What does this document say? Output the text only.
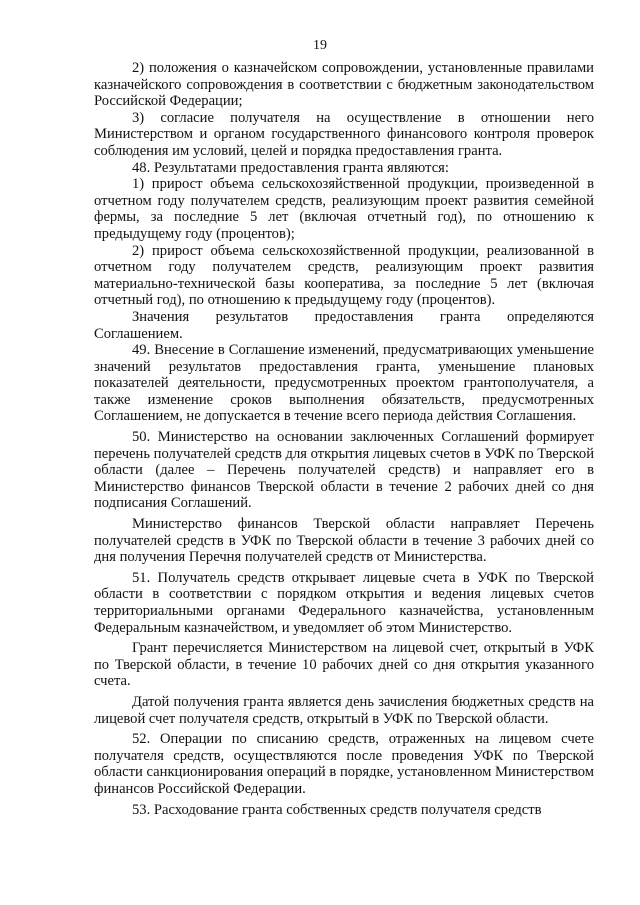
19

2) положения о казначейском сопровождении, установленные правилами казначейского сопровождения в соответствии с бюджетным законодательством Российской Федерации;

3) согласие получателя на осуществление в отношении него Министерством и органом государственного финансового контроля проверок соблюдения им условий, целей и порядка предоставления гранта.

48. Результатами предоставления гранта являются:

1) прирост объема сельскохозяйственной продукции, произведенной в отчетном году получателем средств, реализующим проект развития семейной фермы, за последние 5 лет (включая отчетный год), по отношению к предыдущему году (процентов);

2) прирост объема сельскохозяйственной продукции, реализованной в отчетном году получателем средств, реализующим проект развития материально-технической базы кооператива, за последние 5 лет (включая отчетный год), по отношению к предыдущему году (процентов).

Значения результатов предоставления гранта определяются Соглашением.

49. Внесение в Соглашение изменений, предусматривающих уменьшение значений результатов предоставления гранта, уменьшение плановых показателей деятельности, предусмотренных проектом грантополучателя, а также изменение сроков выполнения обязательств, предусмотренных Соглашением, не допускается в течение всего периода действия Соглашения.

50. Министерство на основании заключенных Соглашений формирует перечень получателей средств для открытия лицевых счетов в УФК по Тверской области (далее – Перечень получателей средств) и направляет его в Министерство финансов Тверской области в течение 2 рабочих дней со дня подписания Соглашений.

Министерство финансов Тверской области направляет Перечень получателей средств в УФК по Тверской области в течение 3 рабочих дней со дня получения Перечня получателей средств от Министерства.

51. Получатель средств открывает лицевые счета в УФК по Тверской области в соответствии с порядком открытия и ведения лицевых счетов территориальными органами Федерального казначейства, установленным Федеральным казначейством, и уведомляет об этом Министерство.

Грант перечисляется Министерством на лицевой счет, открытый в УФК по Тверской области, в течение 10 рабочих дней со дня открытия указанного счета.

Датой получения гранта является день зачисления бюджетных средств на лицевой счет получателя средств, открытый в УФК по Тверской области.

52. Операции по списанию средств, отраженных на лицевом счете получателя средств, осуществляются после проведения УФК по Тверской области санкционирования операций в порядке, установленном Министерством финансов Российской Федерации.

53. Расходование гранта собственных средств получателя средств
